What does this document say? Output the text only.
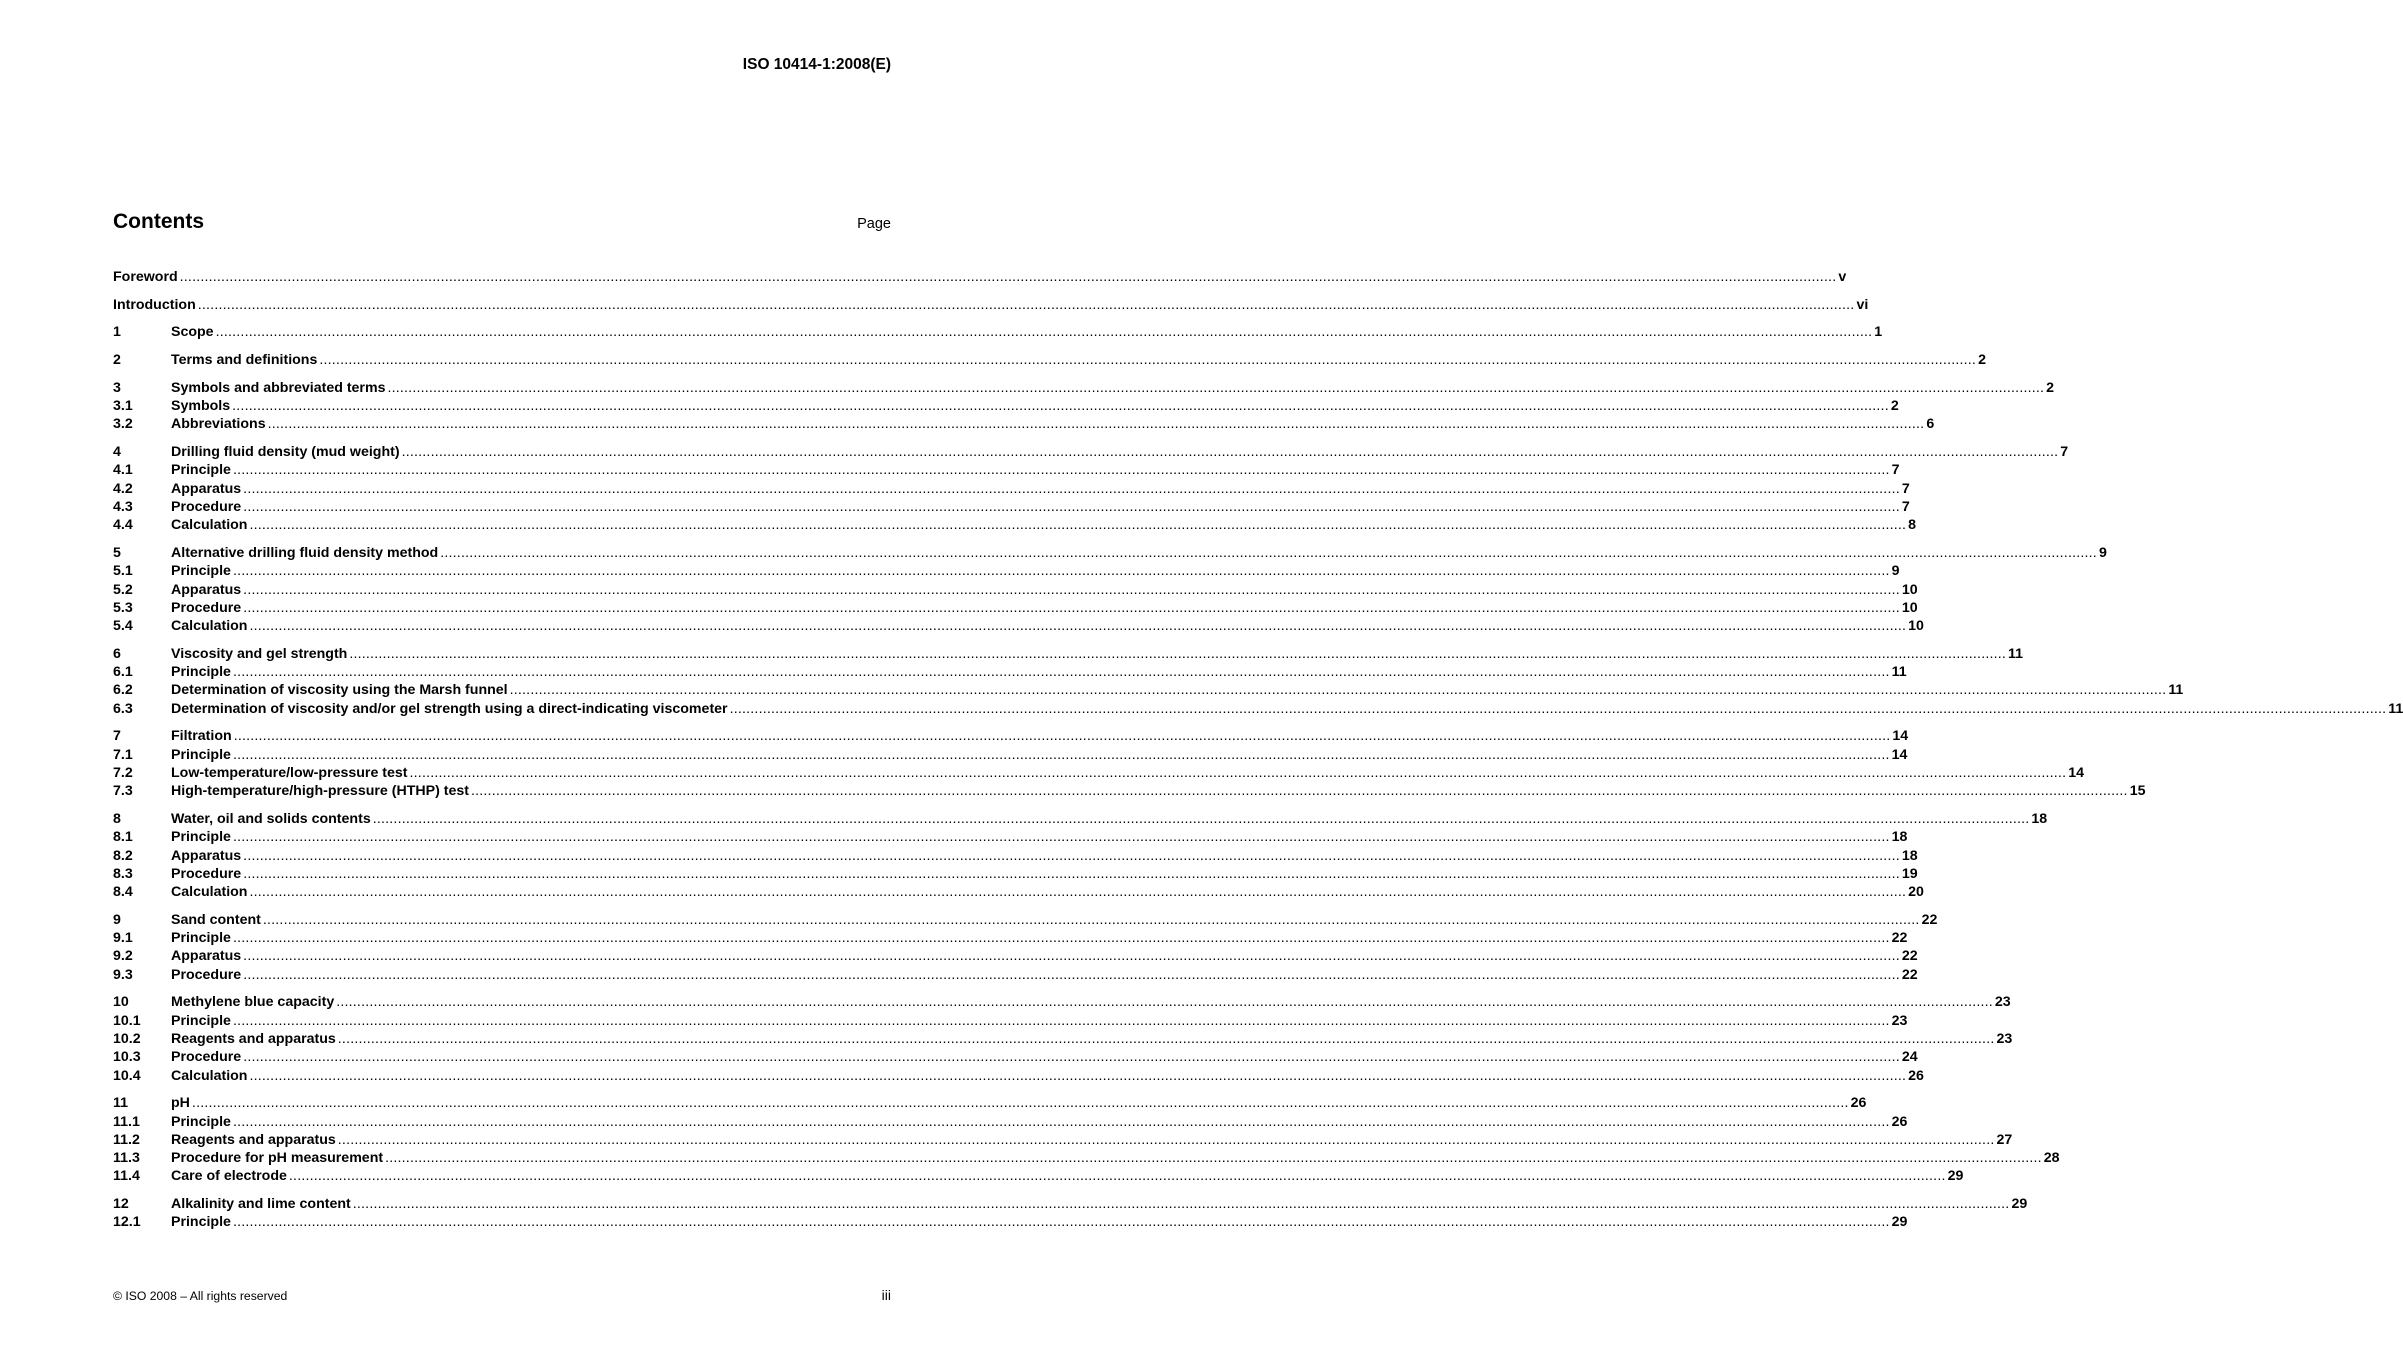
ISO 10414-1:2008(E)
Contents	Page
Foreword ................................................................................................................................................................................................................................................................................................................................................................................................................ v
Introduction ................................................................................................................................................................................................................................................................................................................................................................................................................ vi
1	Scope ................................................................................................................................................................................................................................................................................................................................................................................................................ 1
2	Terms and definitions ................................................................................................................................................................................................................................................................................................................................................................................................................ 2
3	Symbols and abbreviated terms ................................................................................................................................................................................................................................................................................................................................................................................................................ 2
3.1	Symbols ................................................................................................................................................................................................................................................................................................................................................................................................................ 2
3.2	Abbreviations ................................................................................................................................................................................................................................................................................................................................................................................................................ 6
4	Drilling fluid density (mud weight) ................................................................................................................................................................................................................................................................................................................................................................................................................ 7
4.1	Principle ................................................................................................................................................................................................................................................................................................................................................................................................................ 7
4.2	Apparatus ................................................................................................................................................................................................................................................................................................................................................................................................................ 7
4.3	Procedure ................................................................................................................................................................................................................................................................................................................................................................................................................ 7
4.4	Calculation ................................................................................................................................................................................................................................................................................................................................................................................................................ 8
5	Alternative drilling fluid density method ................................................................................................................................................................................................................................................................................................................................................................................................................ 9
5.1	Principle ................................................................................................................................................................................................................................................................................................................................................................................................................ 9
5.2	Apparatus ................................................................................................................................................................................................................................................................................................................................................................................................................ 10
5.3	Procedure ................................................................................................................................................................................................................................................................................................................................................................................................................ 10
5.4	Calculation ................................................................................................................................................................................................................................................................................................................................................................................................................ 10
6	Viscosity and gel strength ................................................................................................................................................................................................................................................................................................................................................................................................................ 11
6.1	Principle ................................................................................................................................................................................................................................................................................................................................................................................................................ 11
6.2	Determination of viscosity using the Marsh funnel ................................................................................................................................................................................................................................................................................................................................................................................................................ 11
6.3	Determination of viscosity and/or gel strength using a direct-indicating viscometer ................................................................................................................................................................................................................................................................................................................................................................................................................ 11
7	Filtration ................................................................................................................................................................................................................................................................................................................................................................................................................ 14
7.1	Principle ................................................................................................................................................................................................................................................................................................................................................................................................................ 14
7.2	Low-temperature/low-pressure test ................................................................................................................................................................................................................................................................................................................................................................................................................ 14
7.3	High-temperature/high-pressure (HTHP) test ................................................................................................................................................................................................................................................................................................................................................................................................................ 15
8	Water, oil and solids contents ................................................................................................................................................................................................................................................................................................................................................................................................................ 18
8.1	Principle ................................................................................................................................................................................................................................................................................................................................................................................................................ 18
8.2	Apparatus ................................................................................................................................................................................................................................................................................................................................................................................................................ 18
8.3	Procedure ................................................................................................................................................................................................................................................................................................................................................................................................................ 19
8.4	Calculation ................................................................................................................................................................................................................................................................................................................................................................................................................ 20
9	Sand content ................................................................................................................................................................................................................................................................................................................................................................................................................ 22
9.1	Principle ................................................................................................................................................................................................................................................................................................................................................................................................................ 22
9.2	Apparatus ................................................................................................................................................................................................................................................................................................................................................................................................................ 22
9.3	Procedure ................................................................................................................................................................................................................................................................................................................................................................................................................ 22
10	Methylene blue capacity ................................................................................................................................................................................................................................................................................................................................................................................................................ 23
10.1	Principle ................................................................................................................................................................................................................................................................................................................................................................................................................ 23
10.2	Reagents and apparatus ................................................................................................................................................................................................................................................................................................................................................................................................................ 23
10.3	Procedure ................................................................................................................................................................................................................................................................................................................................................................................................................ 24
10.4	Calculation ................................................................................................................................................................................................................................................................................................................................................................................................................ 26
11	pH ................................................................................................................................................................................................................................................................................................................................................................................................................ 26
11.1	Principle ................................................................................................................................................................................................................................................................................................................................................................................................................ 26
11.2	Reagents and apparatus ................................................................................................................................................................................................................................................................................................................................................................................................................ 27
11.3	Procedure for pH measurement ................................................................................................................................................................................................................................................................................................................................................................................................................ 28
11.4	Care of electrode ................................................................................................................................................................................................................................................................................................................................................................................................................ 29
12	Alkalinity and lime content ................................................................................................................................................................................................................................................................................................................................................................................................................ 29
12.1	Principle ................................................................................................................................................................................................................................................................................................................................................................................................................ 29
© ISO 2008 – All rights reserved	iii
